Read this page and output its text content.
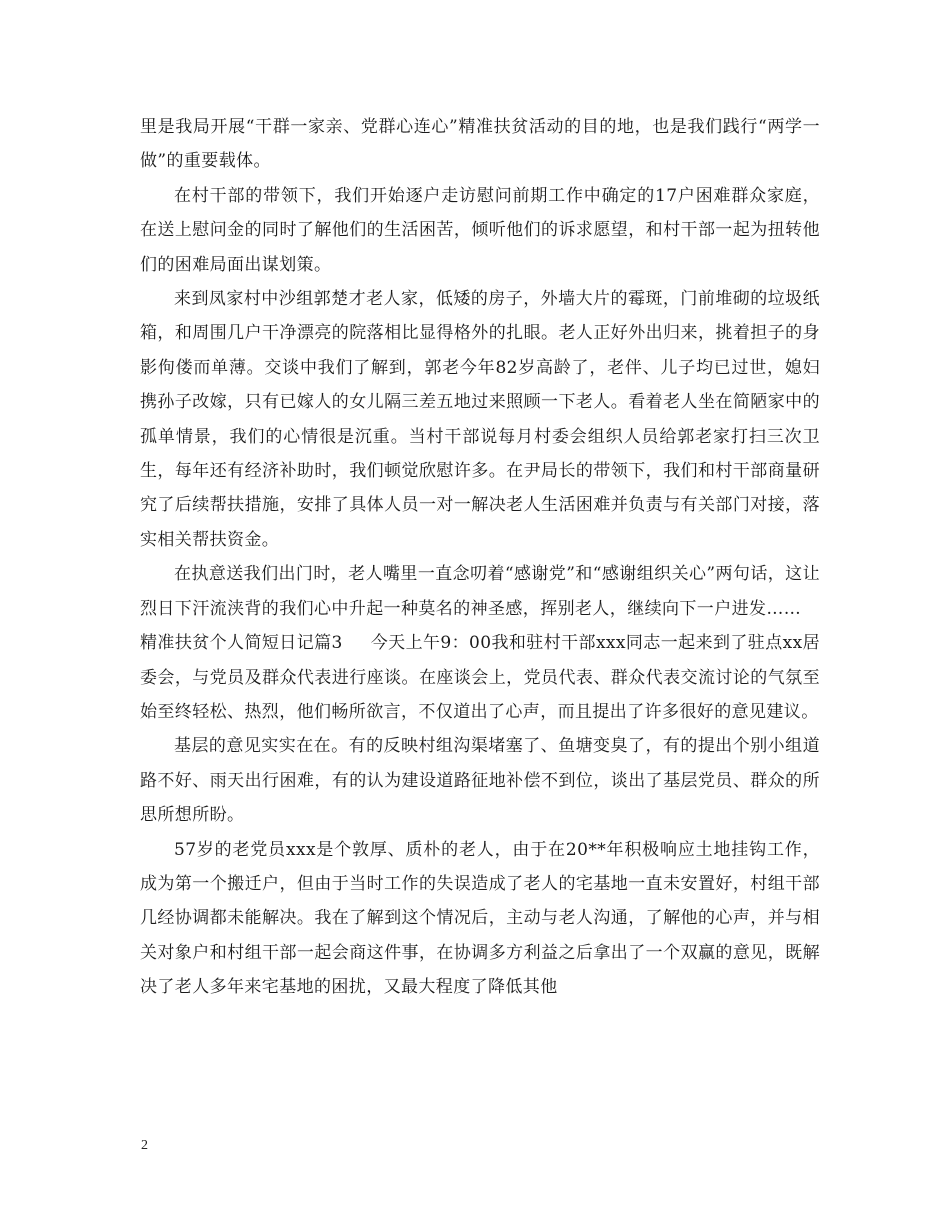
里是我局开展“干群一家亲、党群心连心”精准扶贫活动的目的地，也是我们践行“两学一做”的重要载体。

在村干部的带领下，我们开始逐户走访慰问前期工作中确定的17户困难群众家庭，在送上慰问金的同时了解他们的生活困苦，倾听他们的诉求愿望，和村干部一起为扭转他们的困难局面出谋划策。

来到凤家村中沙组郭楚才老人家，低矮的房子，外墙大片的霉斑，门前堆砌的垃圾纸箱，和周围几户干净漂亮的院落相比显得格外的扎眼。老人正好外出归来，挑着担子的身影佝偻而单薄。交谈中我们了解到，郭老今年82岁高龄了，老伴、儿子均已过世，媳妇携孙子改嫁，只有已嫁人的女儿隔三差五地过来照顾一下老人。看着老人坐在简陋家中的孤单情景，我们的心情很是沉重。当村干部说每月村委会组织人员给郭老家打扫三次卫生，每年还有经济补助时，我们顿觉欣慰许多。在尹局长的带领下，我们和村干部商量研究了后续帮扶措施，安排了具体人员一对一解决老人生活困难并负责与有关部门对接，落实相关帮扶资金。

在执意送我们出门时，老人嘴里一直念叨着“感谢党”和“感谢组织关心”两句话，这让烈日下汗流浃背的我们心中升起一种莫名的神圣感，挥别老人，继续向下一户进发……

精准扶贫个人简短日记篇3 今天上午9：00我和驻村干部xxx同志一起来到了驻点xx居委会，与党员及群众代表进行座谈。在座谈会上，党员代表、群众代表交流讨论的气氛至始至终轻松、热烈，他们畅所欲言，不仅道出了心声，而且提出了许多很好的意见建议。

基层的意见实实在在。有的反映村组沟渠堵塞了、鱼塘变臭了，有的提出个别小组道路不好、雨天出行困难，有的认为建设道路征地补偿不到位，谈出了基层党员、群众的所思所想所盼。

57岁的老党员xxx是个敦厚、质朴的老人，由于在20**年积极响应土地挂钩工作，成为第一个搬迁户，但由于当时工作的失误造成了老人的宅基地一直未安置好，村组干部几经协调都未能解决。我在了解到这个情况后，主动与老人沟通，了解他的心声，并与相关对象户和村组干部一起会商这件事，在协调多方利益之后拿出了一个双赢的意见，既解决了老人多年来宅基地的困扰，又最大程度了降低其他

2
